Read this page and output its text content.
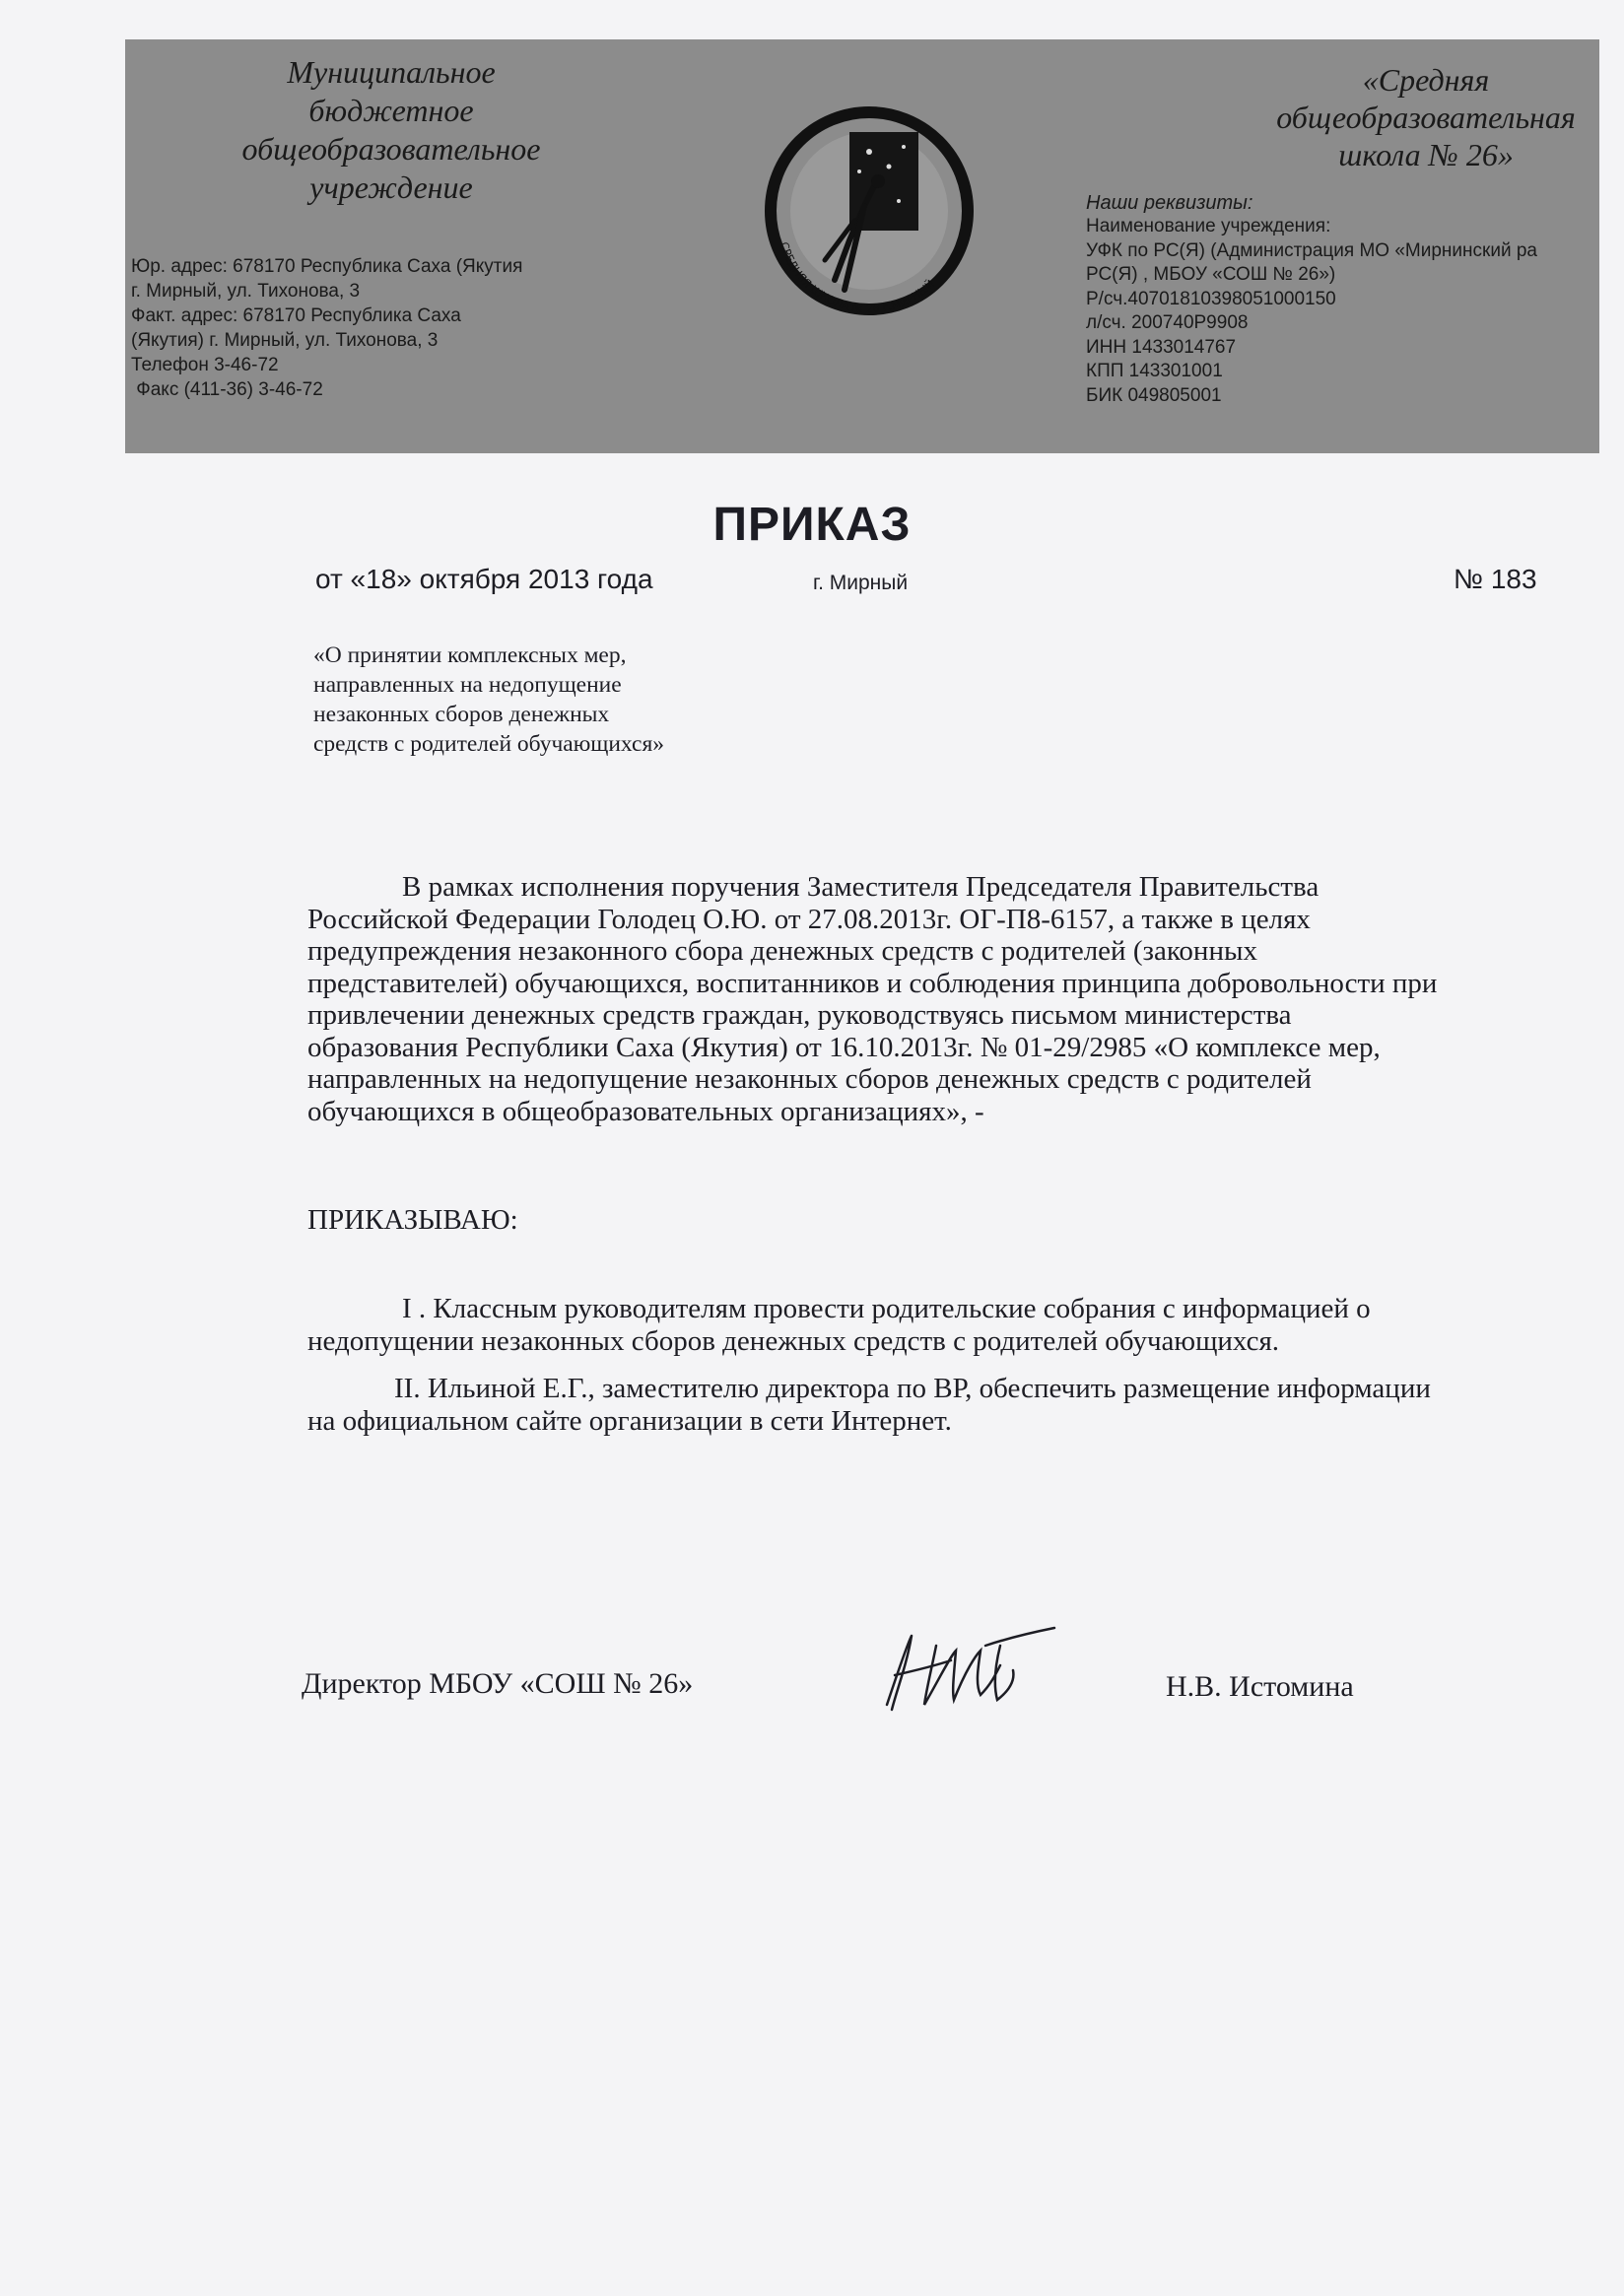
Муниципальное
бюджетное
общеобразовательное
учреждение
Юр. адрес: 678170 Республика Саха (Якутия
г. Мирный, ул. Тихонова, 3
Факт. адрес: 678170 Республика Саха
(Якутия) г. Мирный, ул. Тихонова, 3
Телефон 3-46-72
Факс (411-36) 3-46-72
СРЕДНЯЯ ШКОЛА № 26 г.МИРНЫЙ
«Средняя
общеобразовательная
школа № 26»
Наши реквизиты:
Наименование учреждения:
УФК по РС(Я) (Администрация МО «Мирнинский ра
РС(Я) , МБОУ «СОШ № 26»)
Р/сч.40701810398051000150
л/сч. 200740Р9908
ИНН 1433014767
КПП 143301001
БИК 049805001
ПРИКАЗ
от «18» октября 2013 года	г. Мирный	№ 183
«О принятии комплексных мер,
направленных на недопущение
незаконных сборов денежных
средств с родителей обучающихся»
В рамках исполнения поручения Заместителя Председателя Правительства
Российской Федерации Голодец О.Ю. от 27.08.2013г. ОГ-П8-6157, а также в целях
предупреждения незаконного сбора денежных средств с родителей (законных
представителей) обучающихся, воспитанников и соблюдения принципа добровольности при
привлечении денежных средств граждан, руководствуясь письмом министерства
образования Республики Саха (Якутия) от 16.10.2013г. № 01-29/2985 «О комплексе мер,
направленных на недопущение незаконных сборов денежных средств с родителей
обучающихся в общеобразовательных организациях», -
ПРИКАЗЫВАЮ:
I . Классным руководителям провести родительские собрания с информацией о
недопущении незаконных сборов денежных средств с родителей обучающихся.
II. Ильиной Е.Г., заместителю директора по ВР, обеспечить размещение информации
на официальном сайте организации в сети Интернет.
Директор МБОУ «СОШ № 26»	Н.В. Истомина
